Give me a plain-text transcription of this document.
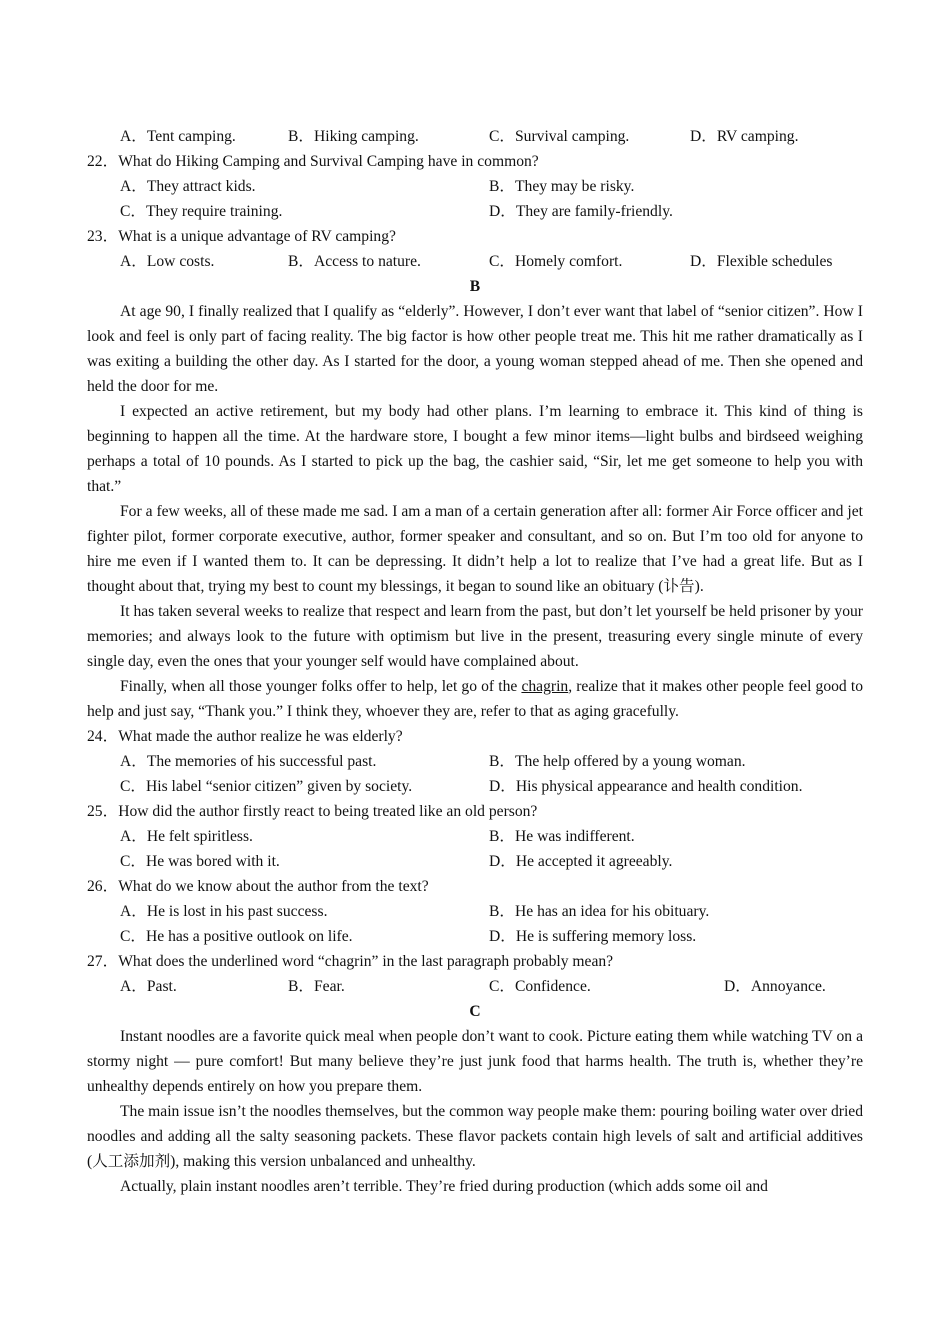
A．Tent camping.	B．Hiking camping.	C．Survival camping.	D．RV camping.
22．What do Hiking Camping and Survival Camping have in common?
A．They attract kids.	B．They may be risky.
C．They require training.	D．They are family-friendly.
23．What is a unique advantage of RV camping?
A．Low costs.	B．Access to nature.	C．Homely comfort.	D．Flexible schedules
B
At age 90, I finally realized that I qualify as “elderly”. However, I don’t ever want that label of “senior citizen”. How I look and feel is only part of facing reality. The big factor is how other people treat me. This hit me rather dramatically as I was exiting a building the other day. As I started for the door, a young woman stepped ahead of me. Then she opened and held the door for me.
I expected an active retirement, but my body had other plans. I’m learning to embrace it. This kind of thing is beginning to happen all the time. At the hardware store, I bought a few minor items—light bulbs and birdseed weighing perhaps a total of 10 pounds. As I started to pick up the bag, the cashier said, “Sir, let me get someone to help you with that.”
For a few weeks, all of these made me sad. I am a man of a certain generation after all: former Air Force officer and jet fighter pilot, former corporate executive, author, former speaker and consultant, and so on. But I’m too old for anyone to hire me even if I wanted them to. It can be depressing. It didn’t help a lot to realize that I’ve had a great life. But as I thought about that, trying my best to count my blessings, it began to sound like an obituary (讣告).
It has taken several weeks to realize that respect and learn from the past, but don’t let yourself be held prisoner by your memories; and always look to the future with optimism but live in the present, treasuring every single minute of every single day, even the ones that your younger self would have complained about.
Finally, when all those younger folks offer to help, let go of the chagrin, realize that it makes other people feel good to help and just say, “Thank you.” I think they, whoever they are, refer to that as aging gracefully.
24．What made the author realize he was elderly?
A．The memories of his successful past.	B．The help offered by a young woman.
C．His label “senior citizen” given by society.	D．His physical appearance and health condition.
25．How did the author firstly react to being treated like an old person?
A．He felt spiritless.	B．He was indifferent.
C．He was bored with it.	D．He accepted it agreeably.
26．What do we know about the author from the text?
A．He is lost in his past success.	B．He has an idea for his obituary.
C．He has a positive outlook on life.	D．He is suffering memory loss.
27．What does the underlined word “chagrin” in the last paragraph probably mean?
A．Past.	B．Fear.	C．Confidence.	D．Annoyance.
C
Instant noodles are a favorite quick meal when people don’t want to cook. Picture eating them while watching TV on a stormy night — pure comfort! But many believe they’re just junk food that harms health. The truth is, whether they’re unhealthy depends entirely on how you prepare them.
The main issue isn’t the noodles themselves, but the common way people make them: pouring boiling water over dried noodles and adding all the salty seasoning packets. These flavor packets contain high levels of salt and artificial additives (人工添加剂), making this version unbalanced and unhealthy.
Actually, plain instant noodles aren’t terrible. They’re fried during production (which adds some oil and
